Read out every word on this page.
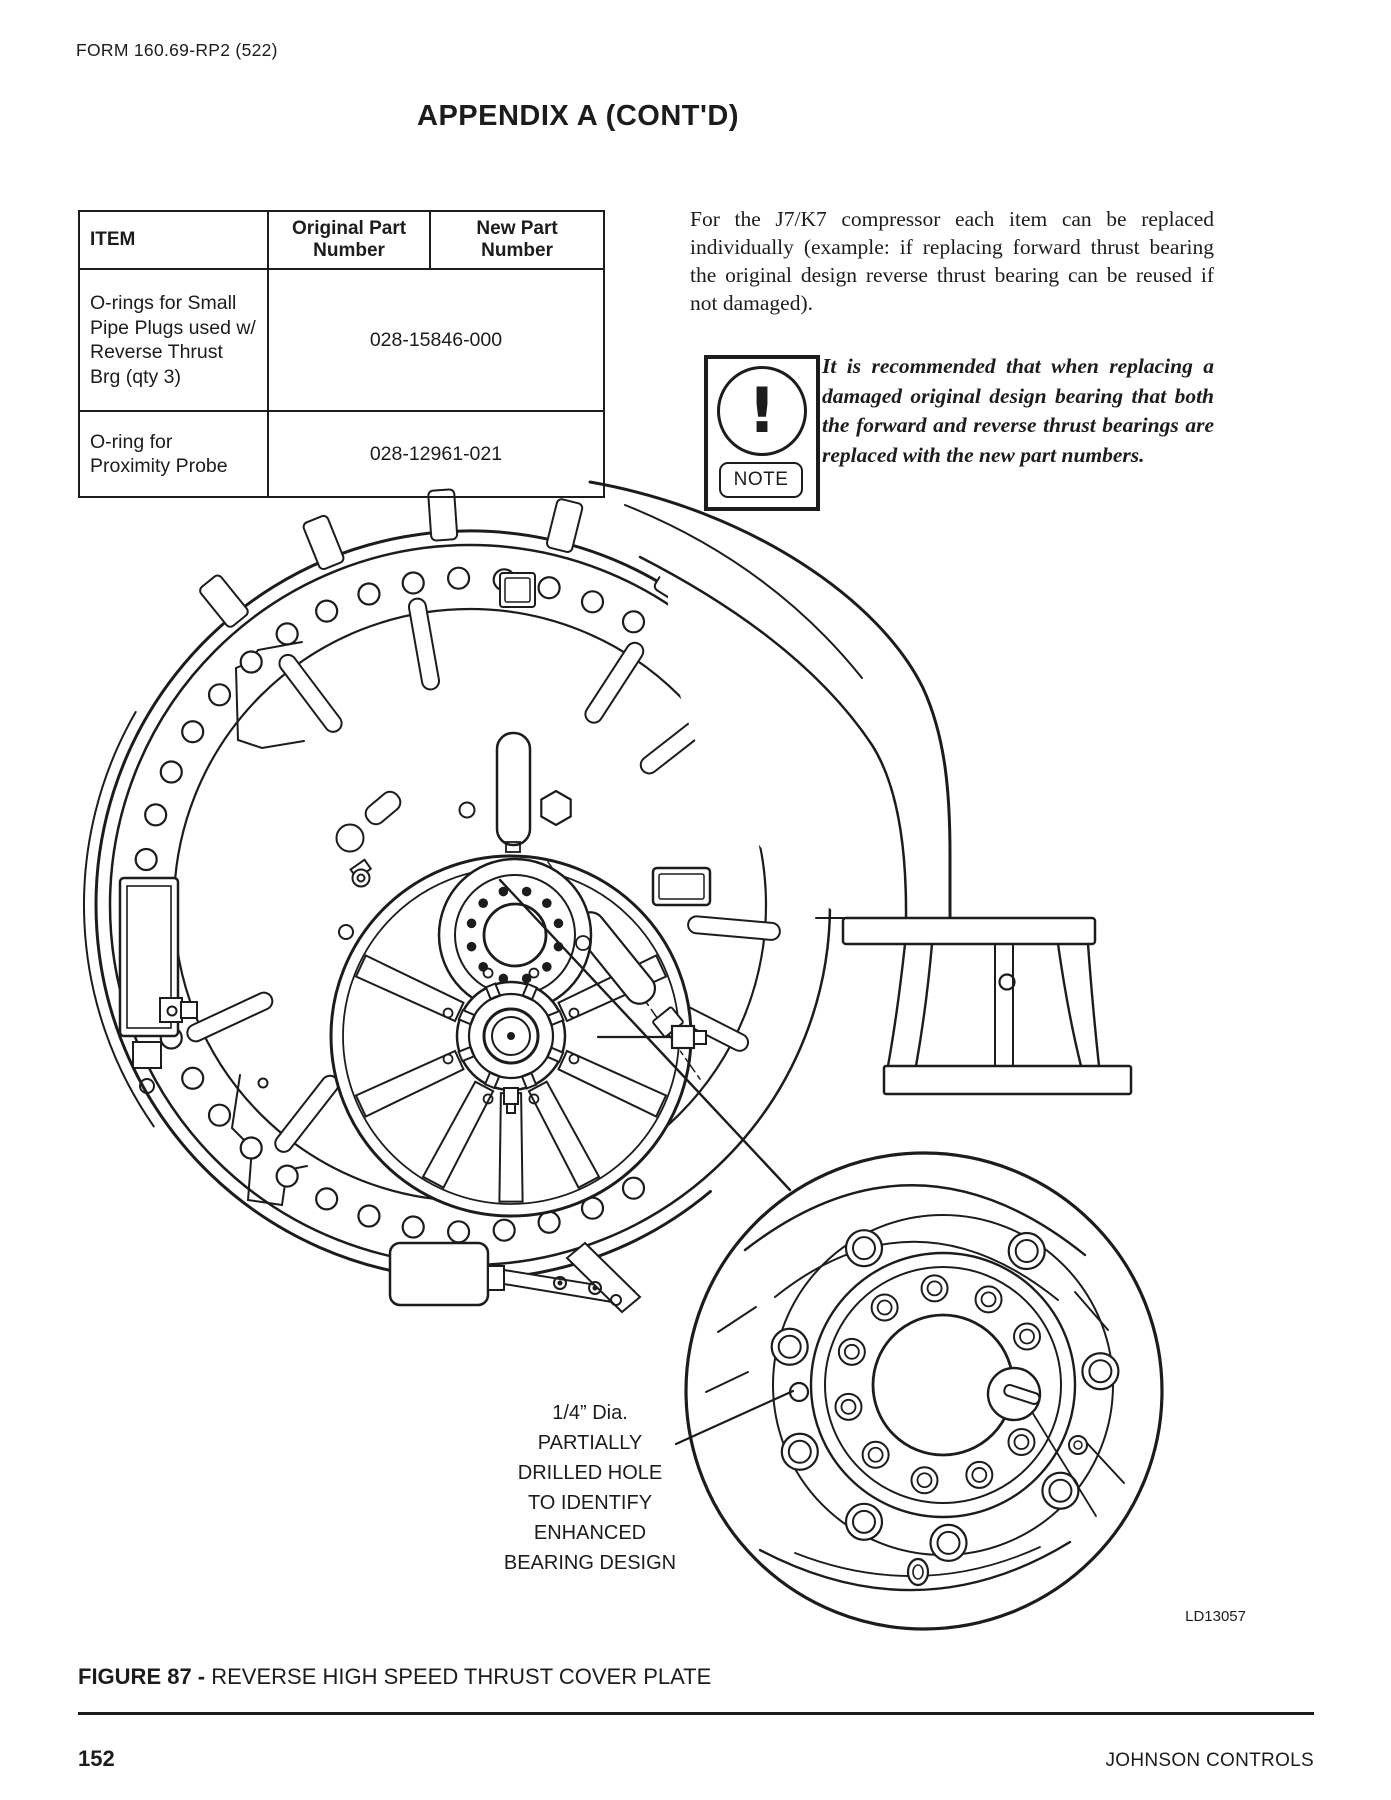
FORM 160.69-RP2 (522)
APPENDIX A (CONT'D)
ITEM	Original Part Number	New Part Number
O-rings for Small Pipe Plugs used w/ Reverse Thrust Brg (qty 3)	028-15846-000	
O-ring for Proximity Probe	028-12961-021	
For the J7/K7 compressor each item can be replaced individually (example: if replacing forward thrust bearing the original design reverse thrust bearing can be reused if not damaged).
!
NOTE
It is recommended that when replacing a damaged original design bearing that both the forward and reverse thrust bearings are replaced with the new part numbers.
1/4” Dia.
PARTIALLY
DRILLED HOLE
TO IDENTIFY
ENHANCED
BEARING DESIGN
LD13057
FIGURE 87 - REVERSE HIGH SPEED THRUST COVER PLATE
152	JOHNSON CONTROLS
